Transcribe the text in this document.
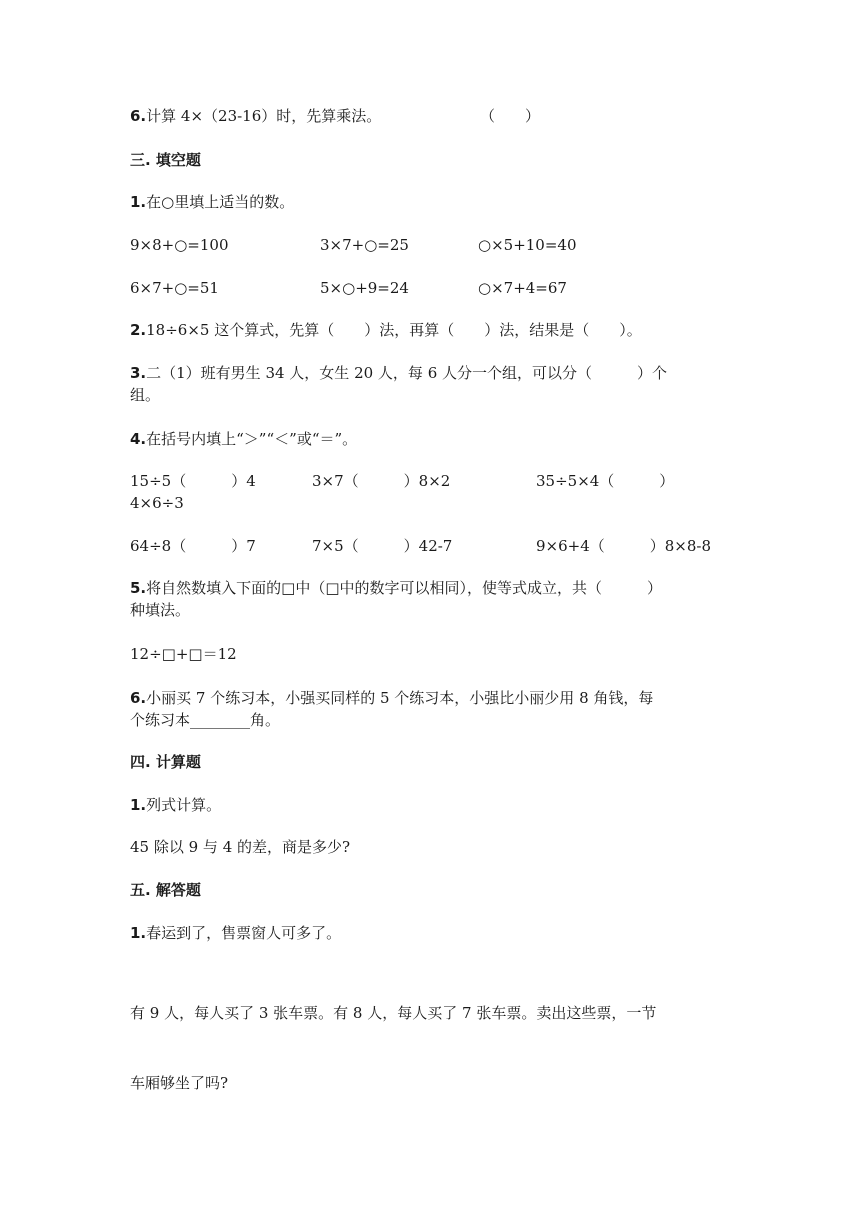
6.计算 4×（23-16）时，先算乘法。	（　　）
三. 填空题
1.在○里填上适当的数。
9×8+○=100	3×7+○=25	○×5+10=40
6×7+○=51	5×○+9=24	○×7+4=67
2.18÷6×5 这个算式，先算（　　）法，再算（　　）法，结果是（　　）。
3.二（1）班有男生 34 人，女生 20 人，每 6 人分一个组，可以分（　　　）个
组。
4.在括号内填上“＞”“＜”或“＝”。
15÷5（　　　）4	3×7（　　　）8×2	35÷5×4（　　　）
4×6÷3
64÷8（　　　）7	7×5（　　　）42-7	9×6+4（　　　）8×8-8
5.将自然数填入下面的□中（□中的数字可以相同），使等式成立，共（　　　）
种填法。
12÷□+□＝12
6.小丽买 7 个练习本，小强买同样的 5 个练习本，小强比小丽少用 8 角钱，每
个练习本________角。
四. 计算题
1.列式计算。
45 除以 9 与 4 的差，商是多少?
五. 解答题
1.春运到了，售票窗人可多了。
有 9 人，每人买了 3 张车票。有 8 人，每人买了 7 张车票。卖出这些票，一节
车厢够坐了吗?
